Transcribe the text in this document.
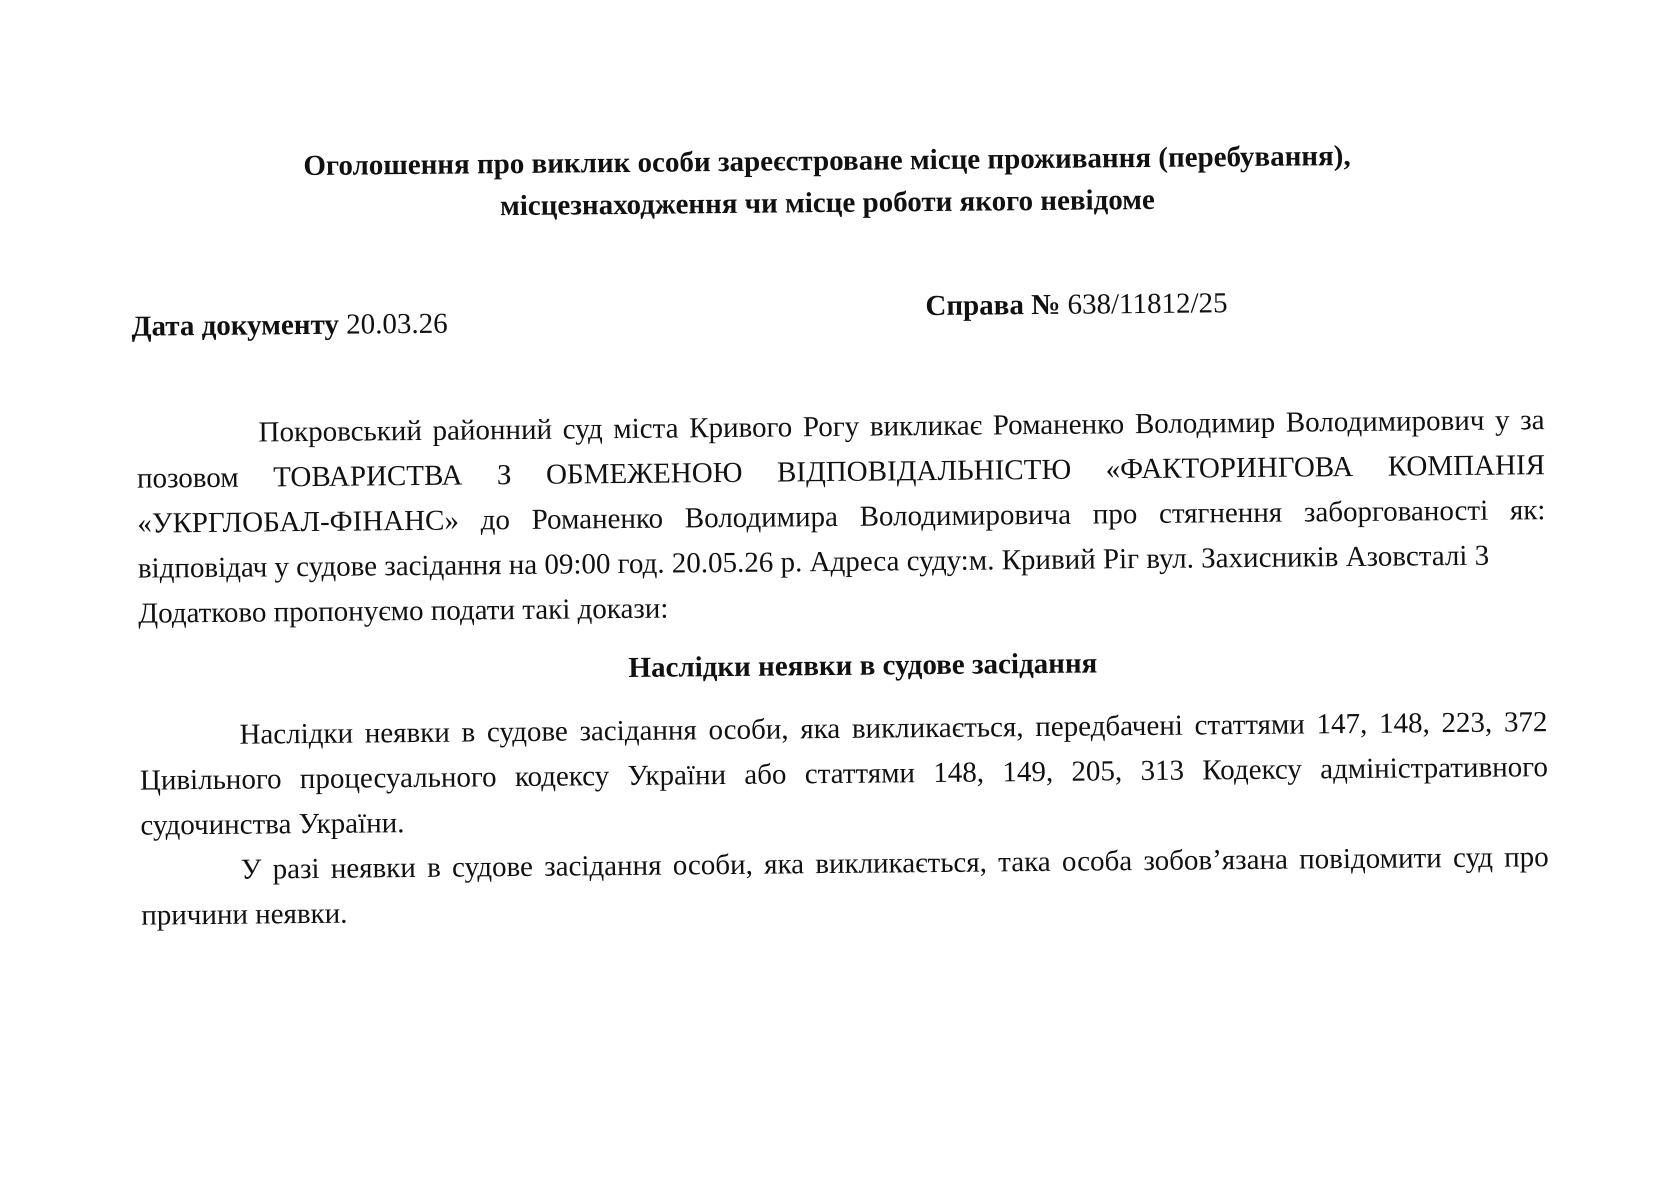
Оголошення про виклик особи зареєстроване місце проживання (перебування),
місцезнаходження чи місце роботи якого невідоме
Дата документу 20.03.26
Справа № 638/11812/25

Покровський районний суд міста Кривого Рогу викликає Романенко Володимир Володимирович у за позовом ТОВАРИСТВА З ОБМЕЖЕНОЮ ВІДПОВІДАЛЬНІСТЮ «ФАКТОРИНГОВА КОМПАНІЯ «УКРГЛОБАЛ-ФІНАНС» до Романенко Володимира Володимировича про стягнення заборгованості як: відповідач у судове засідання на 09:00 год. 20.05.26 р. Адреса суду:м. Кривий Ріг вул. Захисників Азовсталі 3

Додатково пропонуємо подати такі докази:

Наслідки неявки в судове засідання

Наслідки неявки в судове засідання особи, яка викликається, передбачені статтями 147, 148, 223, 372 Цивільного процесуального кодексу України або статтями 148, 149, 205, 313 Кодексу адміністративного судочинства України.

У разі неявки в судове засідання особи, яка викликається, така особа зобов’язана повідомити суд про причини неявки.
